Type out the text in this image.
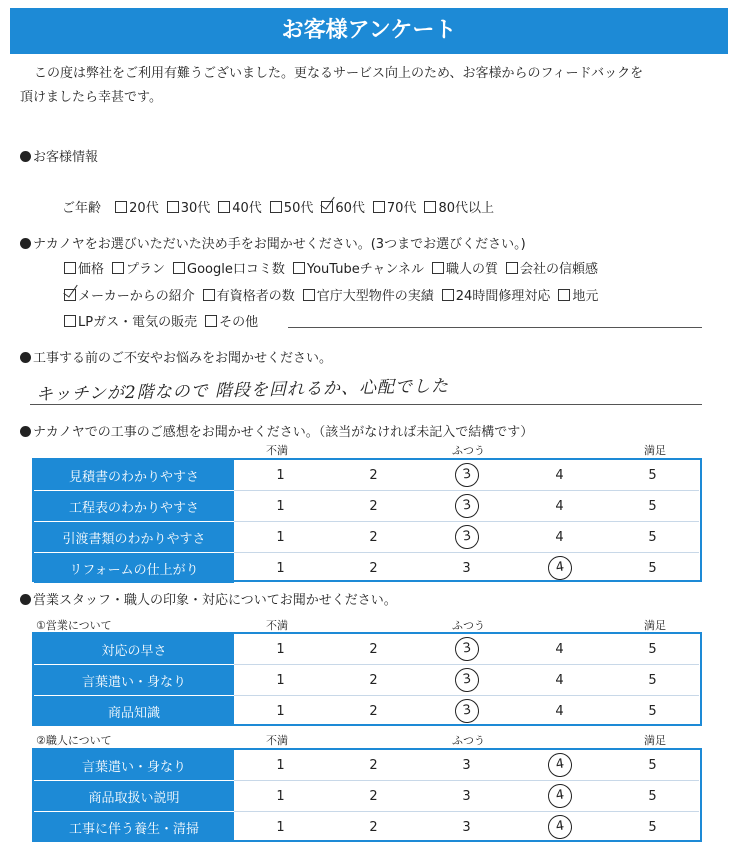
お客様アンケート
この度は弊社をご利用有難うございました。更なるサービス向上のため、お客様からのフィードバックを
頂けましたら幸甚です。
お客様情報
ご年齢 20代 30代 40代 50代 60代 70代 80代以上
ナカノヤをお選びいただいた決め手をお聞かせください。(3つまでお選びください。)
価格 プラン Google口コミ数 YouTubeチャンネル 職人の質 会社の信頼感
メーカーからの紹介 有資格者の数 官庁大型物件の実績 24時間修理対応 地元
LPガス・電気の販売 その他
工事する前のご不安やお悩みをお聞かせください。
キッチンが2階なので 階段を回れるか、心配でした
ナカノヤでの工事のご感想をお聞かせください。（該当がなければ未記入で結構です）
不満	ふつう	満足
見積書のわかりやすさ	1	2	3	4	5
工程表のわかりやすさ	1	2	3	4	5
引渡書類のわかりやすさ	1	2	3	4	5
リフォームの仕上がり	1	2	3	4	5
営業スタッフ・職人の印象・対応についてお聞かせください。
①営業について	不満	ふつう	満足
対応の早さ	1	2	3	4	5
言葉遣い・身なり	1	2	3	4	5
商品知識	1	2	3	4	5
②職人について	不満	ふつう	満足
言葉遣い・身なり	1	2	3	4	5
商品取扱い説明	1	2	3	4	5
工事に伴う養生・清掃	1	2	3	4	5
